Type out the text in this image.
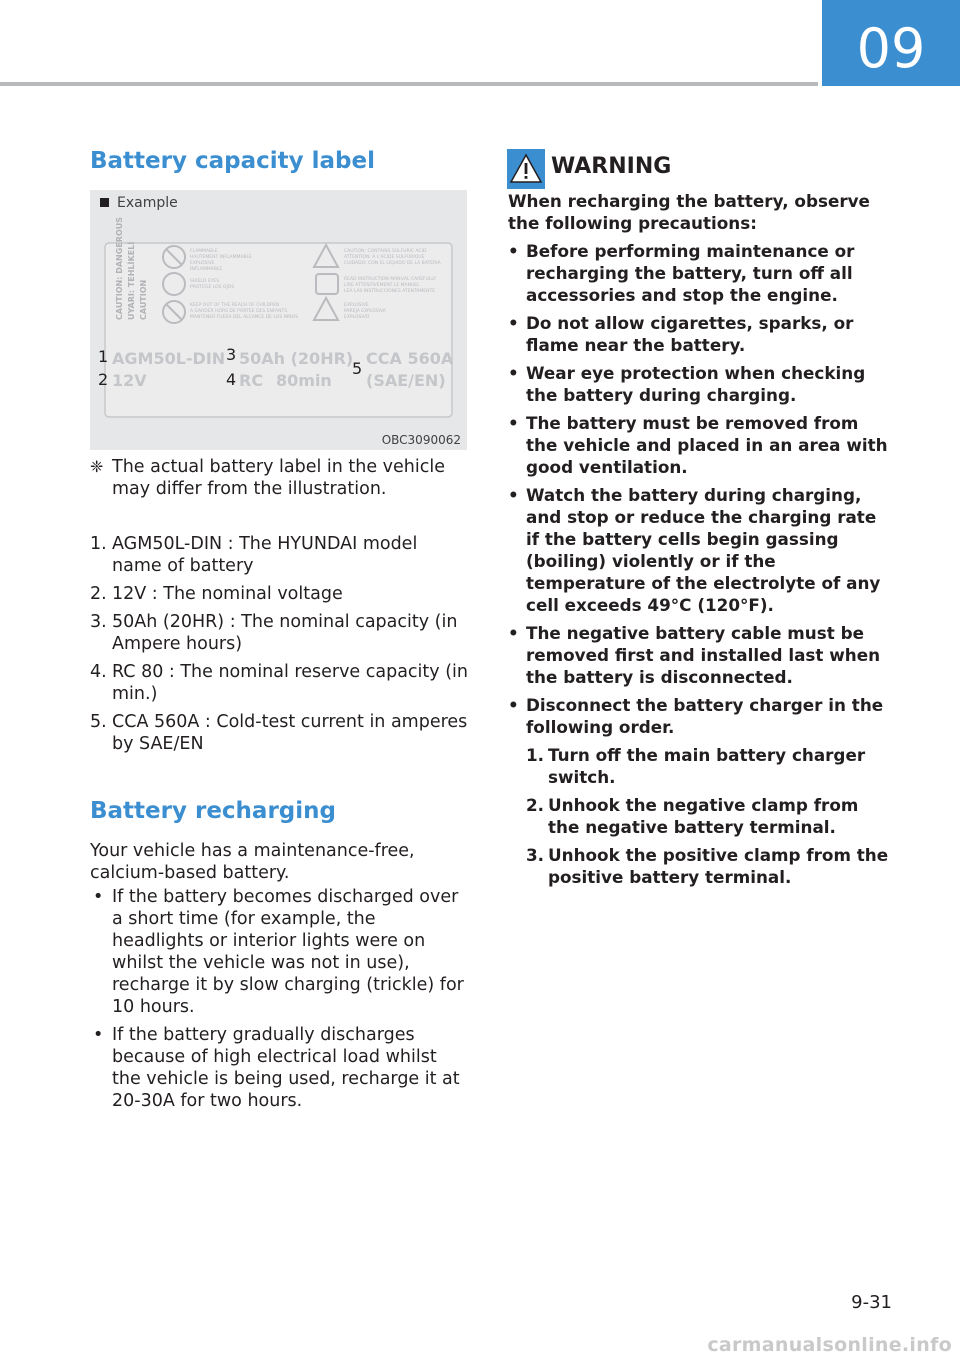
09
Battery capacity label
Example
CAUTION: DANGEROUS UYARI: TEHLİKELİ CAUTION
FLAMMABLE
HAUTEMENT INFLAMMABLE
EXPLOSIVE
INFLAMMABLE
SHIELD EYES
PROTEGE LOS OJOS
KEEP OUT OF THE REACH OF CHILDREN
A GARDER HORS DE PORTEE DES ENFANTS
MANTENER FUERA DEL ALCANCE DE LOS NIÑOS
CAUTION: CONTAINS SULFURIC ACID
ATTENTION: A L'ACIDE SULFURIQUE
CUIDADO: CON EL LIQUIDO DE LA BATERIA
READ INSTRUCTION MANUAL CAREFULLY
LIRE ATTENTIVEMENT LE MANUEL
LEA LAS INSTRUCCIONES ATENTAMENTE
EXPLOSIVE
PAREJA EXPLOSIVA
EXPLOSIVO
AGM50L-DIN
12V
50Ah (20HR)
RC 80min
CCA 560A
(SAE/EN)
1
2
3
4
5
OBC3090062
❈ The actual battery label in the vehicle may differ from the illustration.
1. AGM50L-DIN : The HYUNDAI model name of battery
2. 12V : The nominal voltage
3. 50Ah (20HR) : The nominal capacity (in Ampere hours)
4. RC 80 : The nominal reserve capacity (in min.)
5. CCA 560A : Cold-test current in amperes by SAE/EN
Battery recharging

Your vehicle has a maintenance-free, calcium-based battery.

• If the battery becomes discharged over a short time (for example, the headlights or interior lights were on whilst the vehicle was not in use), recharge it by slow charging (trickle) for 10 hours.
• If the battery gradually discharges because of high electrical load whilst the vehicle is being used, recharge it at 20-30A for two hours.
WARNING

When recharging the battery, observe the following precautions:

• Before performing maintenance or recharging the battery, turn off all accessories and stop the engine.
• Do not allow cigarettes, sparks, or flame near the battery.
• Wear eye protection when checking the battery during charging.
• The battery must be removed from the vehicle and placed in an area with good ventilation.
• Watch the battery during charging, and stop or reduce the charging rate if the battery cells begin gassing (boiling) violently or if the temperature of the electrolyte of any cell exceeds 49°C (120°F).
• The negative battery cable must be removed first and installed last when the battery is disconnected.
• Disconnect the battery charger in the following order.
1. Turn off the main battery charger switch.
2. Unhook the negative clamp from the negative battery terminal.
3. Unhook the positive clamp from the positive battery terminal.
9-31
carmanualsonline.info
